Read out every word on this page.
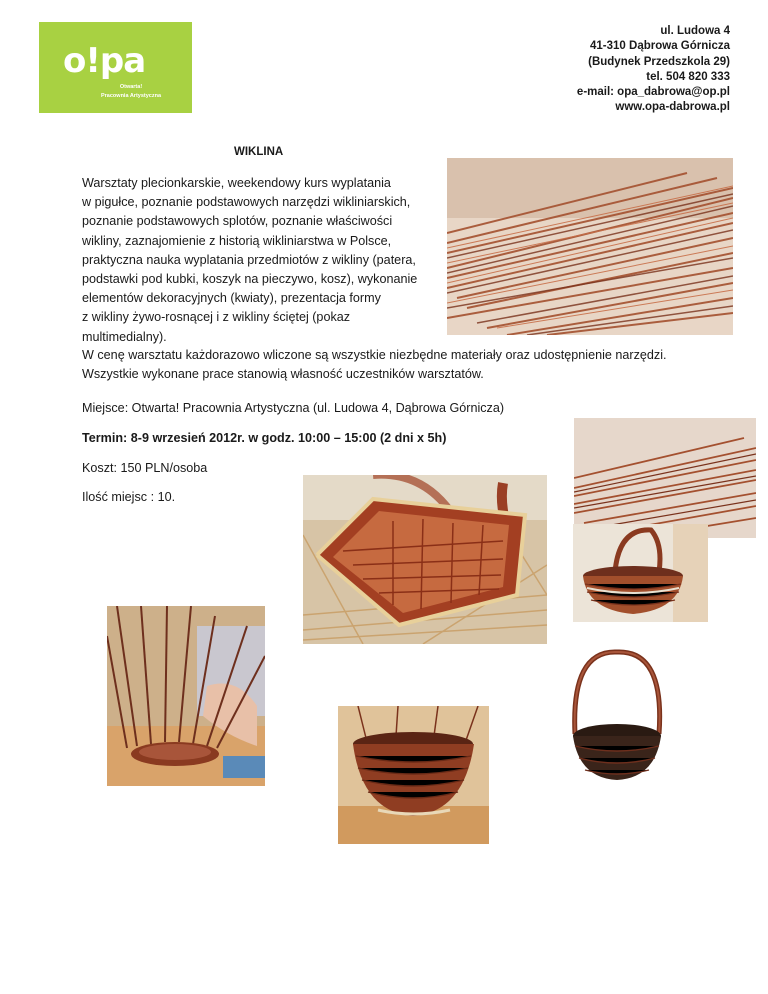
o!pa
Otwarta!
Pracownia Artystyczna
ul. Ludowa 4
41-310 Dąbrowa Górnicza
(Budynek Przedszkola 29)
tel. 504 820 333
e-mail: opa_dabrowa@op.pl
www.opa-dabrowa.pl
WIKLINA
Warsztaty plecionkarskie, weekendowy kurs wyplatania
w pigułce, poznanie podstawowych narzędzi wikliniarskich,
poznanie podstawowych splotów, poznanie właściwości
wikliny, zaznajomienie z historią wikliniarstwa w Polsce,
praktyczna nauka wyplatania przedmiotów z wikliny (patera,
podstawki pod kubki, koszyk na pieczywo, kosz), wykonanie
elementów dekoracyjnych (kwiaty), prezentacja formy
z wikliny żywo-rosnącej i z wikliny ściętej (pokaz
multimedialny).
W cenę warsztatu każdorazowo wliczone są wszystkie niezbędne materiały oraz udostępnienie narzędzi.
Wszystkie wykonane prace stanowią własność uczestników warsztatów.
Miejsce: Otwarta! Pracownia Artystyczna (ul. Ludowa 4, Dąbrowa Górnicza)
Termin: 8-9 wrzesień 2012r. w godz. 10:00 – 15:00 (2 dni x 5h)
Koszt: 150 PLN/osoba
Ilość miejsc : 10.
